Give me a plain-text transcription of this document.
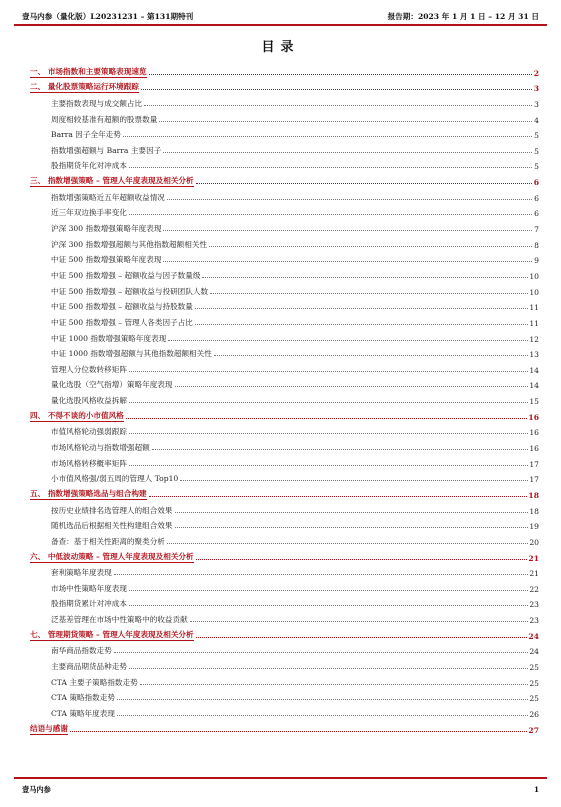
壹马内参（量化版）L20231231 – 第131期特刊	报告期：2023 年 1 月 1 日 – 12 月 31 日
目录
一、 市场指数和主要策略表现速览	2
二、 量化股票策略运行环境跟踪	3
主要指数表现与成交额占比	3
周度相较基准有超额的股票数量	4
Barra 因子全年走势	5
指数增强超额与 Barra 主要因子	5
股指期货年化对冲成本	5
三、 指数增强策略 – 管理人年度表现及相关分析	6
指数增强策略近五年超额收益情况	6
近三年双边换手率变化	6
沪深 300 指数增强策略年度表现	7
沪深 300 指数增强超额与其他指数超额相关性	8
中证 500 指数增强策略年度表现	9
中证 500 指数增强 – 超额收益与因子数量级	10
中证 500 指数增强 – 超额收益与投研团队人数	10
中证 500 指数增强 – 超额收益与持股数量	11
中证 500 指数增强 – 管理人各类因子占比	11
中证 1000 指数增强策略年度表现	12
中证 1000 指数增强超额与其他指数超额相关性	13
管理人分位数转移矩阵	14
量化选股（空气指增）策略年度表现	14
量化选股风格收益拆解	15
四、 不得不谈的小市值风格	16
市值风格轮动强弱跟踪	16
市场风格轮动与指数增强超额	16
市场风格转移概率矩阵	17
小市值风格强/弱五周的管理人 Top10	17
五、 指数增强策略选品与组合构建	18
按历史业绩排名选管理人的组合效果	18
随机选品后根据相关性构建组合效果	19
备查：基于相关性距离的聚类分析	20
六、 中低波动策略 – 管理人年度表现及相关分析	21
套利策略年度表现	21
市场中性策略年度表现	22
股指期货累计对冲成本	23
泛基差管理在市场中性策略中的收益贡献	23
七、 管理期货策略 – 管理人年度表现及相关分析	24
南华商品指数走势	24
主要商品期货品种走势	25
CTA 主要子策略指数走势	25
CTA 策略指数走势	25
CTA 策略年度表现	26
结语与感谢	27
壹马内参	1
